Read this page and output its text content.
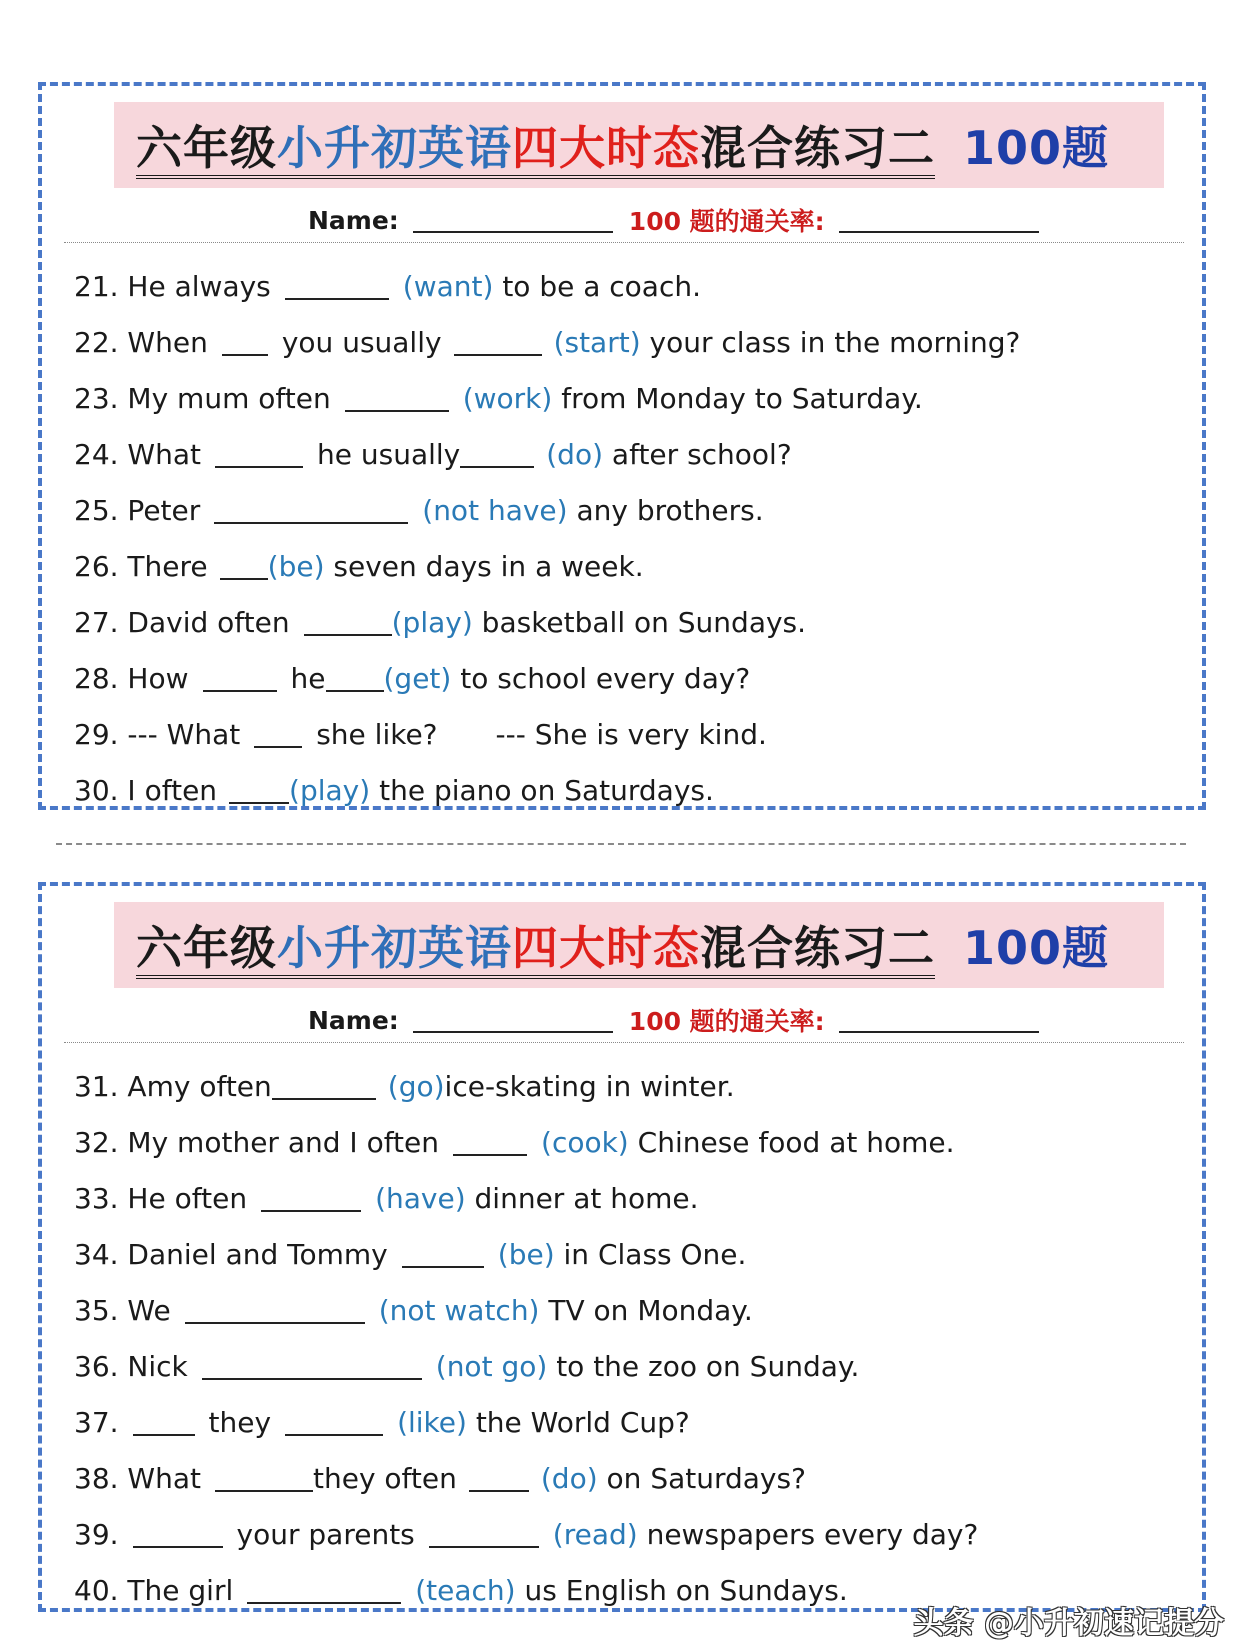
六年级小升初英语四大时态混合练习二 100题
Name:	100 题的通关率:
21. He always	(want)
to be a coach.
22. When	you usually	(start)
your class in the morning?
23. My mum often	(work)
from Monday to Saturday.
24. What	he usually	(do)
after school?
25. Peter	(not have)
any brothers.
26. There (be)
seven days in a week.
27. David often	(play)
basketball on Sundays.
28. How	he (get)
to school every day?
29. --- What	she like? --- She is very kind.
30. I often	(play)
the piano on Saturdays.
六年级小升初英语四大时态混合练习二 100题
Name:	100 题的通关率:
31. Amy often	(go) ice-skating in winter.
32. My mother and I often	(cook)
Chinese food at home.
33. He often	(have)
dinner at home.
34. Daniel and Tommy	(be)
in Class One.
35. We	(not watch)
TV on Monday.
36. Nick	(not go)
to the zoo on Sunday.
37.	they	(like)
the World Cup?
38. What	they often	(do)
on Saturdays?
39.	your parents	(read)
newspapers every day?
40. The girl	(teach)
us English on Sundays.
头条 @小升初速记提分
